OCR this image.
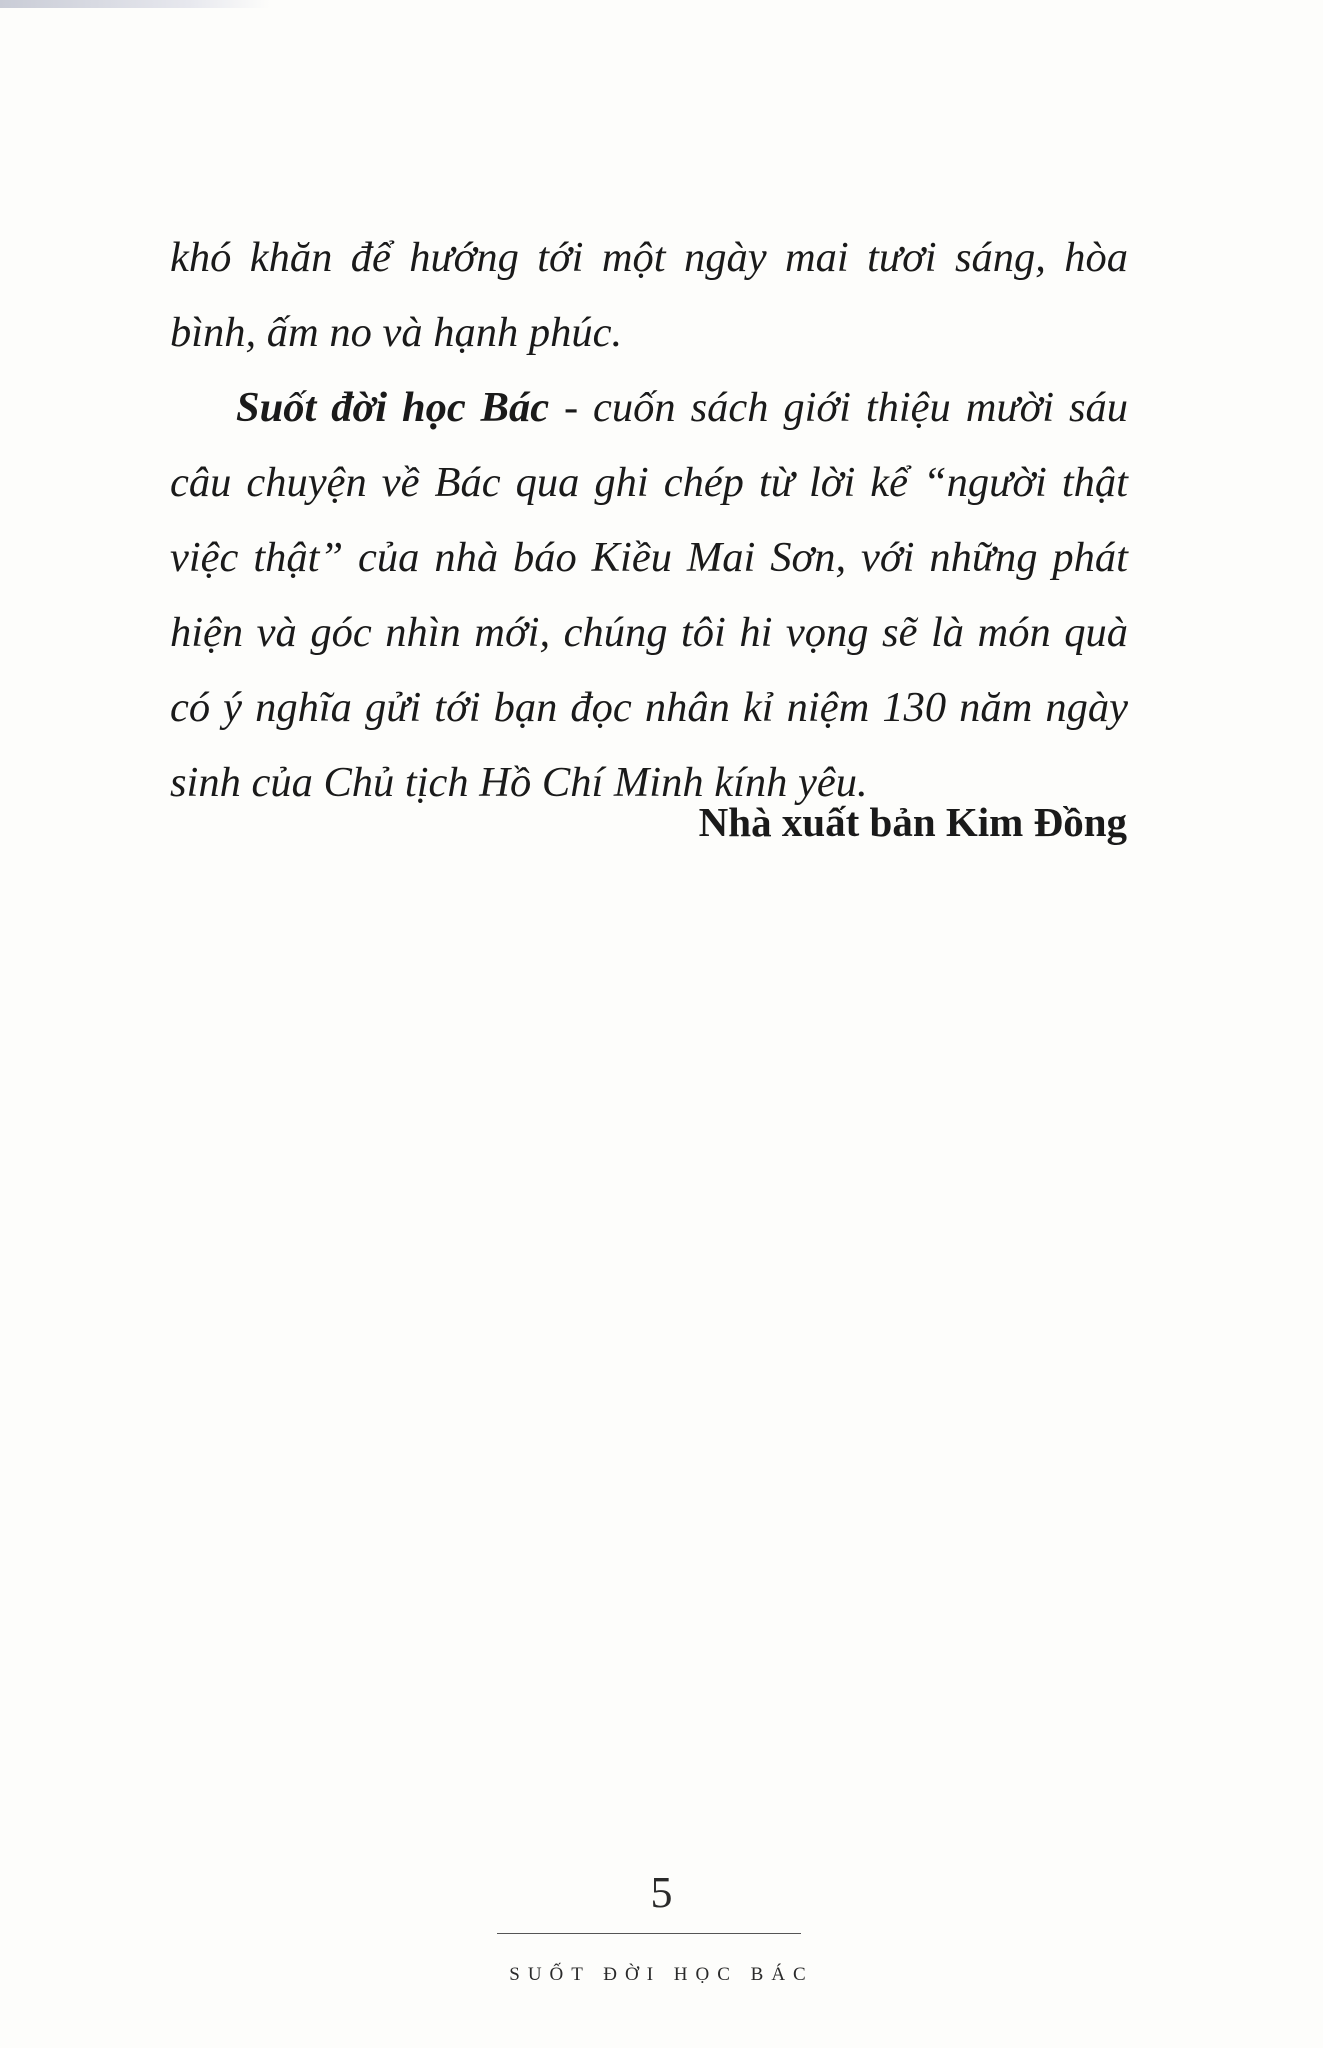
khó khăn để hướng tới một ngày mai tươi sáng, hòa
bình, ấm no và hạnh phúc.
Suốt đời học Bác - cuốn sách giới thiệu mười sáu
câu chuyện về Bác qua ghi chép từ lời kể “người thật
việc thật” của nhà báo Kiều Mai Sơn, với những phát
hiện và góc nhìn mới, chúng tôi hi vọng sẽ là món quà
có ý nghĩa gửi tới bạn đọc nhân kỉ niệm 130 năm ngày
sinh của Chủ tịch Hồ Chí Minh kính yêu.
Nhà xuất bản Kim Đồng
5
SUỐT ĐỜI HỌC BÁC
